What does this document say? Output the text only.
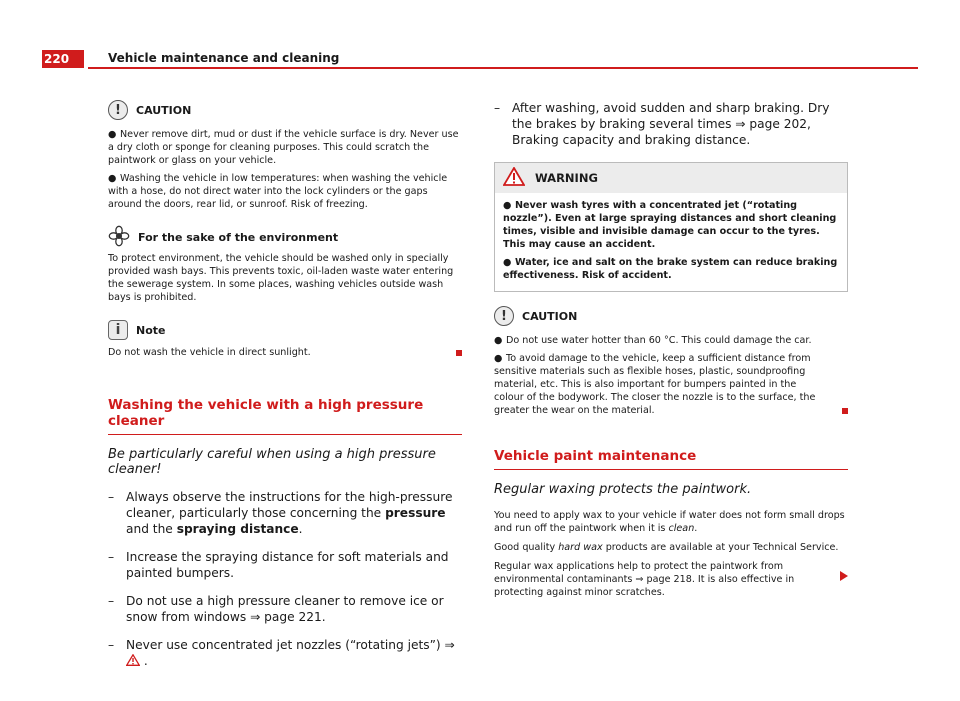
220	Vehicle maintenance and cleaning
!	CAUTION

● Never remove dirt, mud or dust if the vehicle surface is dry. Never use a dry cloth or sponge for cleaning purposes. This could scratch the paintwork or glass on your vehicle.

● Washing the vehicle in low temperatures: when washing the vehicle with a hose, do not direct water into the lock cylinders or the gaps around the doors, rear lid, or sunroof. Risk of freezing.

For the sake of the environment

To protect environment, the vehicle should be washed only in specially provided wash bays. This prevents toxic, oil-laden waste water entering the sewerage system. In some places, washing vehicles outside wash bays is prohibited.

i	Note
Do not wash the vehicle in direct sunlight.
Washing the vehicle with a high pressure cleaner
Be particularly careful when using a high pressure cleaner!
– Always observe the instructions for the high-pressure cleaner, particularly those concerning the pressure and the spraying distance.
– Increase the spraying distance for soft materials and painted bumpers.
– Do not use a high pressure cleaner to remove ice or snow from windows ⇒ page 221.
– Never use concentrated jet nozzles (“rotating jets”) ⇒  .
– After washing, avoid sudden and sharp braking. Dry the brakes by braking several times ⇒ page 202, Braking capacity and braking distance.
WARNING

● Never wash tyres with a concentrated jet (“rotating nozzle”). Even at large spraying distances and short cleaning times, visible and invisible damage can occur to the tyres. This may cause an accident.

● Water, ice and salt on the brake system can reduce braking effectiveness. Risk of accident.

!	CAUTION

● Do not use water hotter than 60 °C. This could damage the car.

● To avoid damage to the vehicle, keep a sufficient distance from sensitive materials such as flexible hoses, plastic, soundproofing material, etc. This is also important for bumpers painted in the colour of the bodywork. The closer the nozzle is to the surface, the greater the wear on the material.

Vehicle paint maintenance
Regular waxing protects the paintwork.

You need to apply wax to your vehicle if water does not form small drops and run off the paintwork when it is clean.

Good quality hard wax products are available at your Technical Service.

Regular wax applications help to protect the paintwork from environmental contaminants ⇒ page 218. It is also effective in protecting against minor scratches.
